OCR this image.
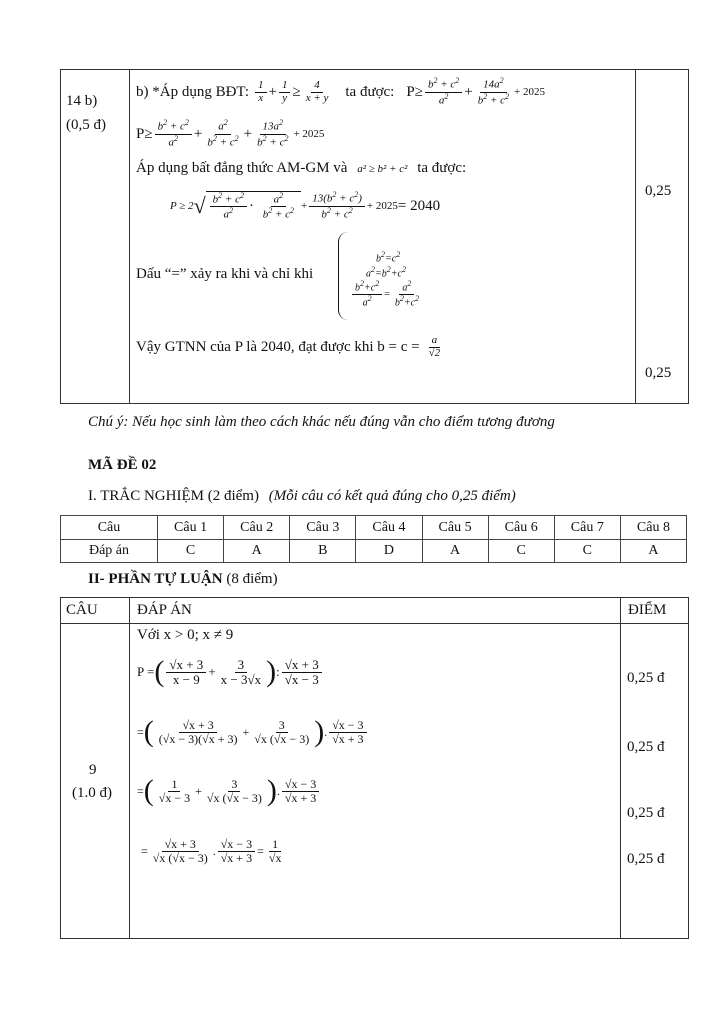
14 b)
(0,5 đ)
b) *Áp dụng BĐT: $\frac{1}{x} + \frac{1}{y} \ge \frac{4}{x + y}$ ta được: $P\ge \frac{b^2 + c^2}{a^2} + \frac{14a^2}{b^2 + c^2} + 2025$
$P\ge \frac{b^2 + c^2}{a^2} + \frac{a^2}{b^2 + c^2} + \frac{13a^2}{b^2 + c^2} + 2025$
Áp dụng bất đẳng thức AM-GM và a² ≥ b² + c² ta được:
P ≥ 2 √ $\frac{b^2 + c^2}{a^2} \cdot \frac{a^2}{b^2 + c^2} + \frac{13(b^2 + c^2)}{b^2 + c^2} + 2025 = 2040$
0,25
Dấu “=” xảy ra khi và chỉ khi
$b^2=c^2$
$a^2=b^2+c^2$
$\frac{b^2+c^2}{a^2} = \frac{a^2}{b^2+c^2}$
Vậy GTNN của P là 2040, đạt được khi $b = c = \frac{a}{√2}$
0,25
Chú ý: Nếu học sinh làm theo cách khác nếu đúng vẫn cho điểm tương đương
MÃ ĐỀ 02
I. TRẮC NGHIỆM (2 điểm) (Mỗi câu có kết quả đúng cho 0,25 điểm)
Câu	Câu 1	Câu 2	Câu 3	Câu 4	Câu 5	Câu 6	Câu 7	Câu 8
Đáp án	C	A	B	D	A	C	C	A
II- PHẦN TỰ LUẬN (8 điểm)
CÂU	ĐÁP ÁN	ĐIỂM
9
(1.0 đ)
Với x > 0; x ≠ 9
P = ( $\frac{√x + 3}{x - 9} + \frac{3}{x - 3√x}$ ) : $\frac{√x + 3}{√x - 3}$	0,25 đ
= ( $\frac{√x + 3}{(√x - 3)(√x + 3)} + \frac{3}{√x (√x - 3)}$ ) . $\frac{√x - 3}{√x + 3}$
0,25 đ
= ( $\frac{1}{√x - 3} + \frac{3}{√x (√x - 3)}$ ) . $\frac{√x - 3}{√x + 3}$
0,25 đ
= $\frac{√x + 3}{√x (√x - 3)}$ . $\frac{√x - 3}{√x + 3} = \frac{1}{√x}$	0,25 đ
